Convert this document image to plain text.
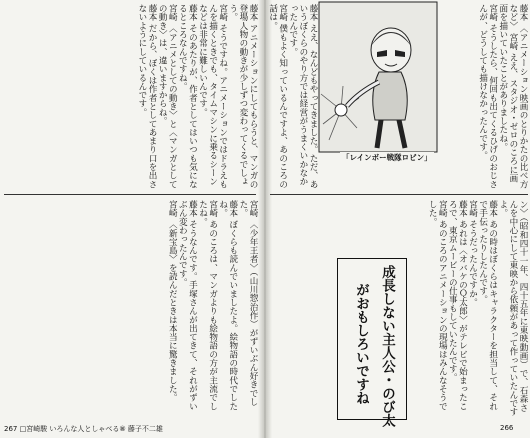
藤本 アニメーションにしてもらうと、マンガの登場人物の動きが少しずつ変わってくるでしょう。

宮崎 そうですね。アニメーションではドラえもんを描くときでも、タイムマシンに乗るシーンなどは非常に難しいんです。

藤本 そのあたりが、作者としてはいつも気になるところなんですね。

宮崎 〈アニメとしての動き〉と〈マンガとしての動き〉は、違いますからね。

藤本 だから、ぼくは作者としてあまり口を出さないようにしているんです。

宮崎 〈少年王者〉（山川惣治作）がずいぶん好きでした。

藤本 ぼくらも読んでいましたよ。絵物語の時代でしたね。

宮崎 あのころは、マンガよりも絵物語の方が主流でしたね。

藤本 そうなんです。手塚さんが出てきて、それがずいぶん変わったんです。

宮崎 〈新宝島〉を読んだときは本当に驚きました。

267 □宮崎駿 いろんな人としゃべる⑧ 藤子不二雄

藤本 〈アニメーション映画のとりかたの比べ方など〉 宮崎 ええ、スタジオ・ゼロのころに画面を描いていたことがありましたね。

宮崎 そうしたら、何回も出てくるひげのおじさんが、どうしても描けなかったんです。

藤本 ええ、なんどもやってきました。ただ、あいうぼくらのやり方では経営がうまくいかなかったんです。

宮崎 僕もよく知っているんですよ、あのころの話は。

ン〉（昭和四十一年、四十五年に東映動画）で、石森さんを中心にして東映から依頼があって作っていたんですよ。

藤本 あの時はぼくらはキャラクターを担当して、それで手伝ったりしたんです。

宮崎 そうだったんですか。

藤本 あれは〈オバケのＱ太郎〉がテレビで始まったころで、東京ムービーの仕事もしていたんです。

宮崎 あのころのアニメーションの現場はみんなそうでした。

266
「レインボー戦隊ロビン」
成長しない主人公・のび太
がおもしろいですね
